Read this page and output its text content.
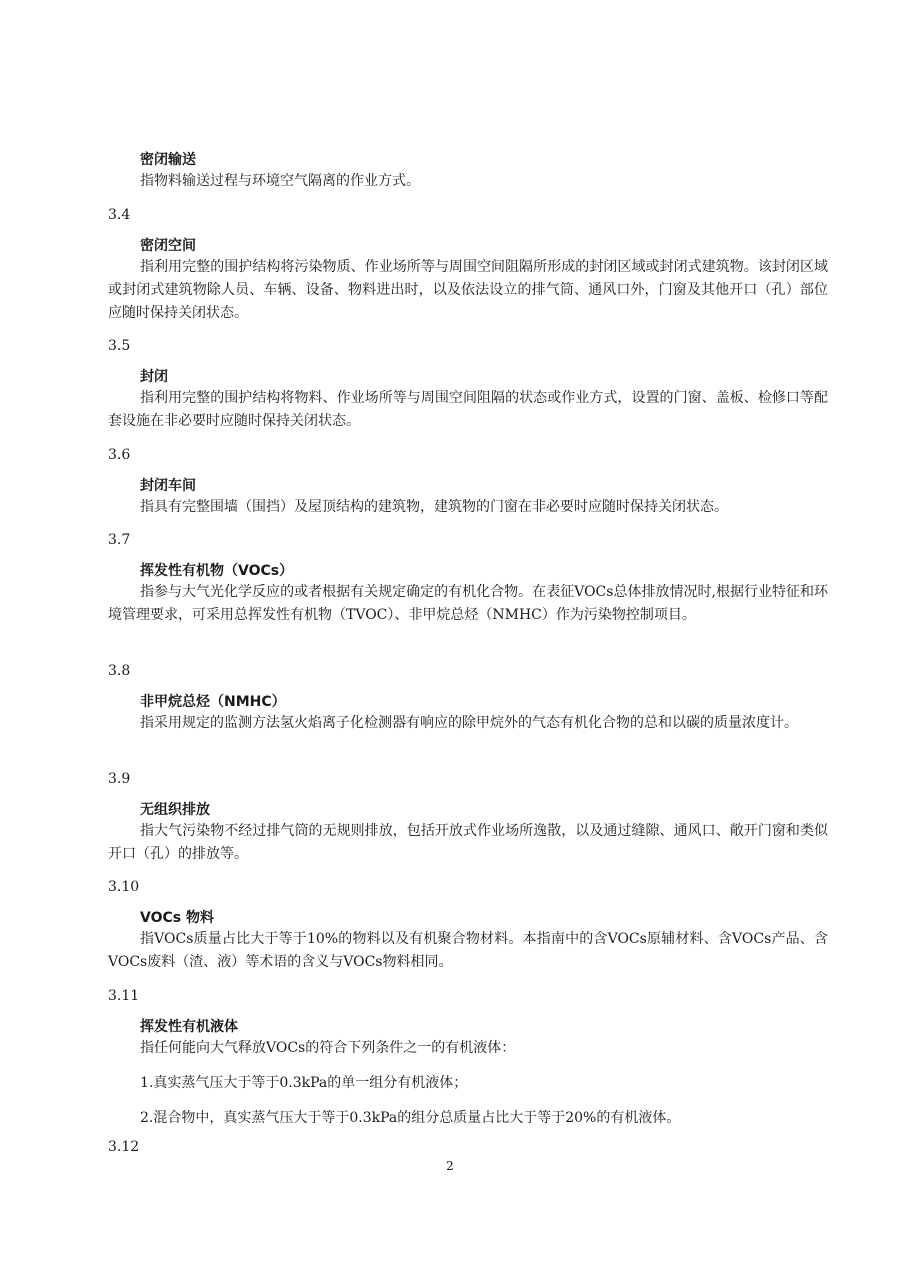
密闭输送

指物料输送过程与环境空气隔离的作业方式。

3.4

密闭空间

指利用完整的围护结构将污染物质、作业场所等与周围空间阻隔所形成的封闭区域或封闭式建筑物。该封闭区域或封闭式建筑物除人员、车辆、设备、物料进出时，以及依法设立的排气筒、通风口外，门窗及其他开口（孔）部位应随时保持关闭状态。

3.5

封闭

指利用完整的围护结构将物料、作业场所等与周围空间阻隔的状态或作业方式，设置的门窗、盖板、检修口等配套设施在非必要时应随时保持关闭状态。

3.6

封闭车间

指具有完整围墙（围挡）及屋顶结构的建筑物，建筑物的门窗在非必要时应随时保持关闭状态。

3.7

挥发性有机物（VOCs）

指参与大气光化学反应的或者根据有关规定确定的有机化合物。在表征VOCs总体排放情况时,根据行业特征和环境管理要求，可采用总挥发性有机物（TVOC）、非甲烷总烃（NMHC）作为污染物控制项目。

3.8

非甲烷总烃（NMHC）

指采用规定的监测方法氢火焰离子化检测器有响应的除甲烷外的气态有机化合物的总和以碳的质量浓度计。

3.9

无组织排放

指大气污染物不经过排气筒的无规则排放，包括开放式作业场所逸散，以及通过缝隙、通风口、敞开门窗和类似开口（孔）的排放等。

3.10

VOCs 物料

指VOCs质量占比大于等于10%的物料以及有机聚合物材料。本指南中的含VOCs原辅材料、含VOCs产品、含VOCs废料（渣、液）等术语的含义与VOCs物料相同。

3.11

挥发性有机液体

指任何能向大气释放VOCs的符合下列条件之一的有机液体：

1.真实蒸气压大于等于0.3kPa的单一组分有机液体；

2.混合物中，真实蒸气压大于等于0.3kPa的组分总质量占比大于等于20%的有机液体。

3.12

2
